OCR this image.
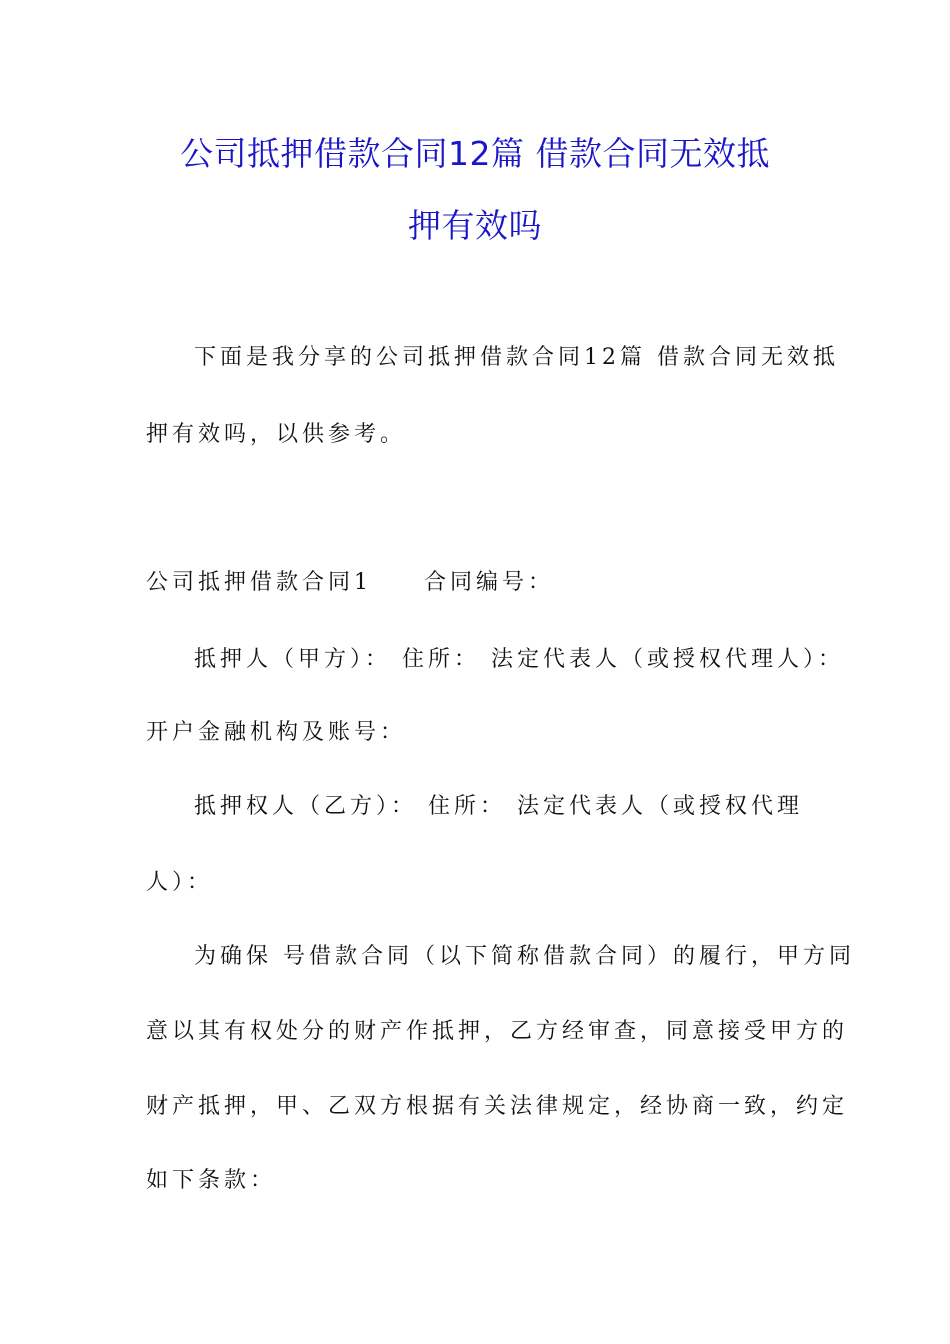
公司抵押借款合同12篇 借款合同无效抵
押有效吗
下面是我分享的公司抵押借款合同12篇 借款合同无效抵
押有效吗，以供参考。
公司抵押借款合同1 合同编号：
抵押人（甲方）： 住所： 法定代表人（或授权代理人）：
开户金融机构及账号：
抵押权人（乙方）： 住所： 法定代表人（或授权代理
人）：
为确保 号借款合同（以下简称借款合同）的履行，甲方同
意以其有权处分的财产作抵押，乙方经审查，同意接受甲方的
财产抵押，甲、乙双方根据有关法律规定，经协商一致，约定
如下条款：
